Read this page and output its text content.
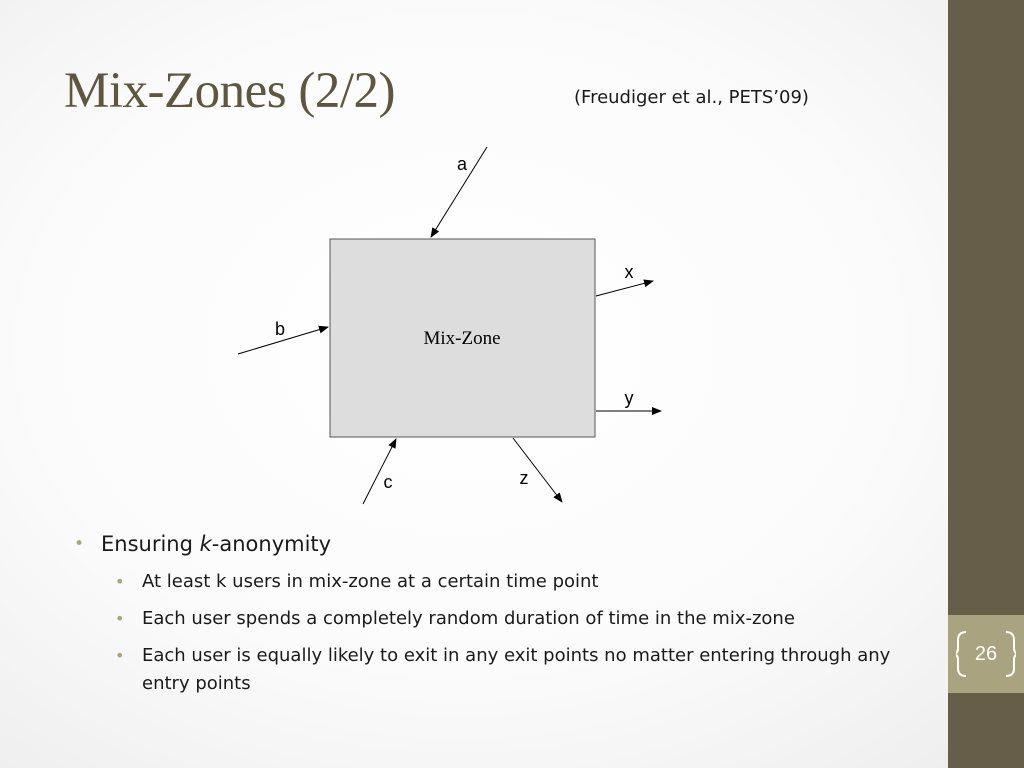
Mix-Zones (2/2)	(Freudiger et al., PETS’09)
Mix-Zone
a
b
c
x
y
z
• Ensuring k-anonymity
• At least k users in mix-zone at a certain time point
• Each user spends a completely random duration of time in the mix-zone
• Each user is equally likely to exit in any exit points no matter entering through any entry points
26
